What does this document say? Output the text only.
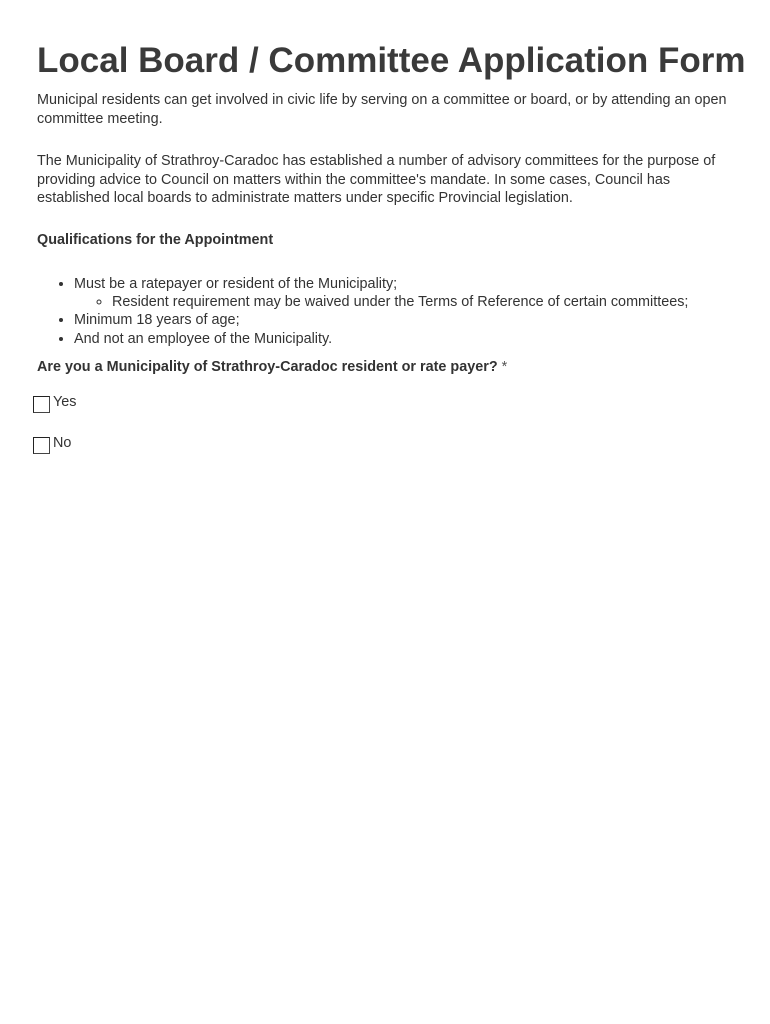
Local Board / Committee Application Form

Municipal residents can get involved in civic life by serving on a committee or board, or by attending an open committee meeting.

The Municipality of Strathroy-Caradoc has established a number of advisory committees for the purpose of providing advice to Council on matters within the committee's mandate. In some cases, Council has established local boards to administrate matters under specific Provincial legislation.

Qualifications for the Appointment

• Must be a ratepayer or resident of the Municipality;
◦ Resident requirement may be waived under the Terms of Reference of certain committees;
• Minimum 18 years of age;
• And not an employee of the Municipality.

Are you a Municipality of Strathroy-Caradoc resident or rate payer? *

Yes
No
